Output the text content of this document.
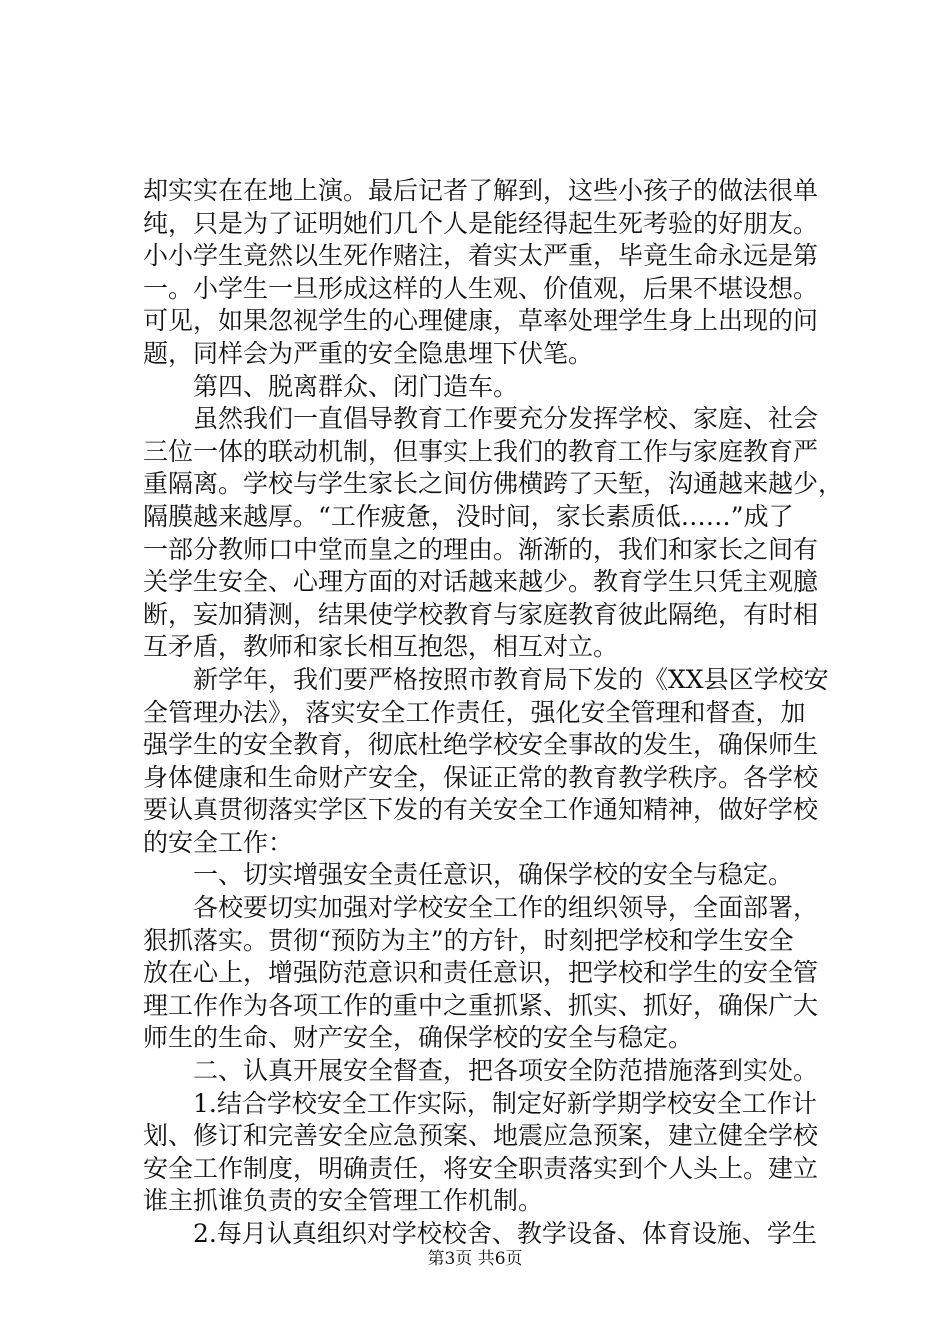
却实实在在地上演。最后记者了解到，这些小孩子的做法很单
纯，只是为了证明她们几个人是能经得起生死考验的好朋友。
小小学生竟然以生死作赌注，着实太严重，毕竟生命永远是第
一。小学生一旦形成这样的人生观、价值观，后果不堪设想。
可见，如果忽视学生的心理健康，草率处理学生身上出现的问
题，同样会为严重的安全隐患埋下伏笔。
　　第四、脱离群众、闭门造车。
　　虽然我们一直倡导教育工作要充分发挥学校、家庭、社会
三位一体的联动机制，但事实上我们的教育工作与家庭教育严
重隔离。学校与学生家长之间仿佛横跨了天堑，沟通越来越少，
隔膜越来越厚。“工作疲惫，没时间，家长素质低……”成了
一部分教师口中堂而皇之的理由。渐渐的，我们和家长之间有
关学生安全、心理方面的对话越来越少。教育学生只凭主观臆
断，妄加猜测，结果使学校教育与家庭教育彼此隔绝，有时相
互矛盾，教师和家长相互抱怨，相互对立。
　　新学年，我们要严格按照市教育局下发的《XX县区学校安
全管理办法》，落实安全工作责任，强化安全管理和督查，加
强学生的安全教育，彻底杜绝学校安全事故的发生，确保师生
身体健康和生命财产安全，保证正常的教育教学秩序。各学校
要认真贯彻落实学区下发的有关安全工作通知精神，做好学校
的安全工作：
　　一、切实增强安全责任意识，确保学校的安全与稳定。
　　各校要切实加强对学校安全工作的组织领导，全面部署，
狠抓落实。贯彻“预防为主”的方针，时刻把学校和学生安全
放在心上，增强防范意识和责任意识，把学校和学生的安全管
理工作作为各项工作的重中之重抓紧、抓实、抓好，确保广大
师生的生命、财产安全，确保学校的安全与稳定。
　　二、认真开展安全督查，把各项安全防范措施落到实处。
　　1.结合学校安全工作实际，制定好新学期学校安全工作计
划、修订和完善安全应急预案、地震应急预案，建立健全学校
安全工作制度，明确责任，将安全职责落实到个人头上。建立
谁主抓谁负责的安全管理工作机制。
　　2.每月认真组织对学校校舍、教学设备、体育设施、学生
第3页 共6页
